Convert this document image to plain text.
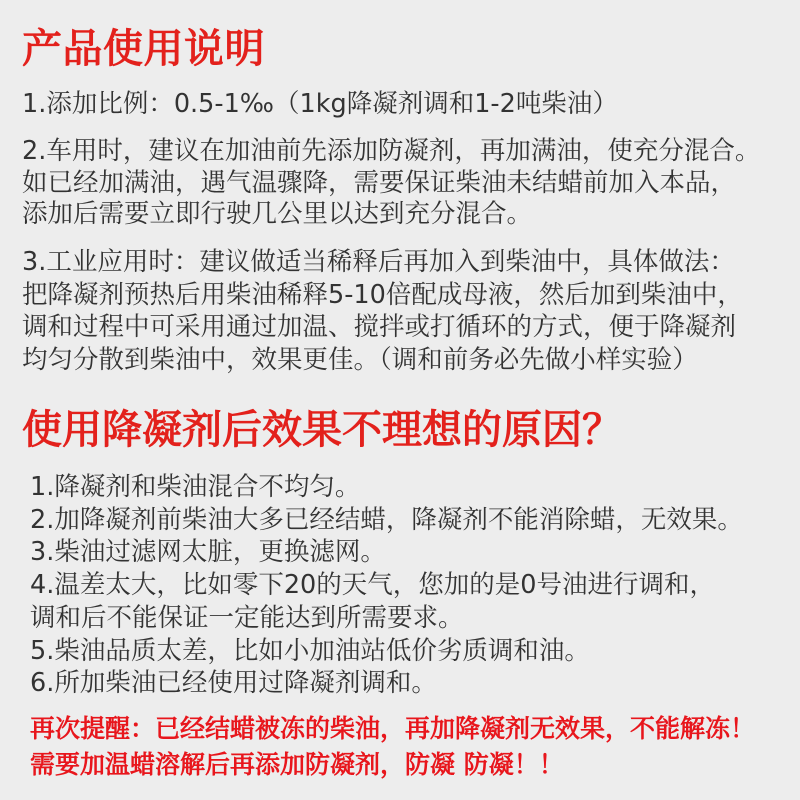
产品使用说明
1.添加比例：0.5-1‰（1kg降凝剂调和1-2吨柴油）
2.车用时，建议在加油前先添加防凝剂，再加满油，使充分混合。
如已经加满油，遇气温骤降，需要保证柴油未结蜡前加入本品，
添加后需要立即行驶几公里以达到充分混合。
3.工业应用时：建议做适当稀释后再加入到柴油中，具体做法：
把降凝剂预热后用柴油稀释5-10倍配成母液，然后加到柴油中，
调和过程中可采用通过加温、搅拌或打循环的方式，便于降凝剂
均匀分散到柴油中，效果更佳。（调和前务必先做小样实验）
使用降凝剂后效果不理想的原因？
1.降凝剂和柴油混合不均匀。
2.加降凝剂前柴油大多已经结蜡，降凝剂不能消除蜡，无效果。
3.柴油过滤网太脏，更换滤网。
4.温差太大，比如零下20的天气，您加的是0号油进行调和，
调和后不能保证一定能达到所需要求。
5.柴油品质太差，比如小加油站低价劣质调和油。
6.所加柴油已经使用过降凝剂调和。
再次提醒：已经结蜡被冻的柴油，再加降凝剂无效果，不能解冻！
需要加温蜡溶解后再添加防凝剂，防凝 防凝！！
